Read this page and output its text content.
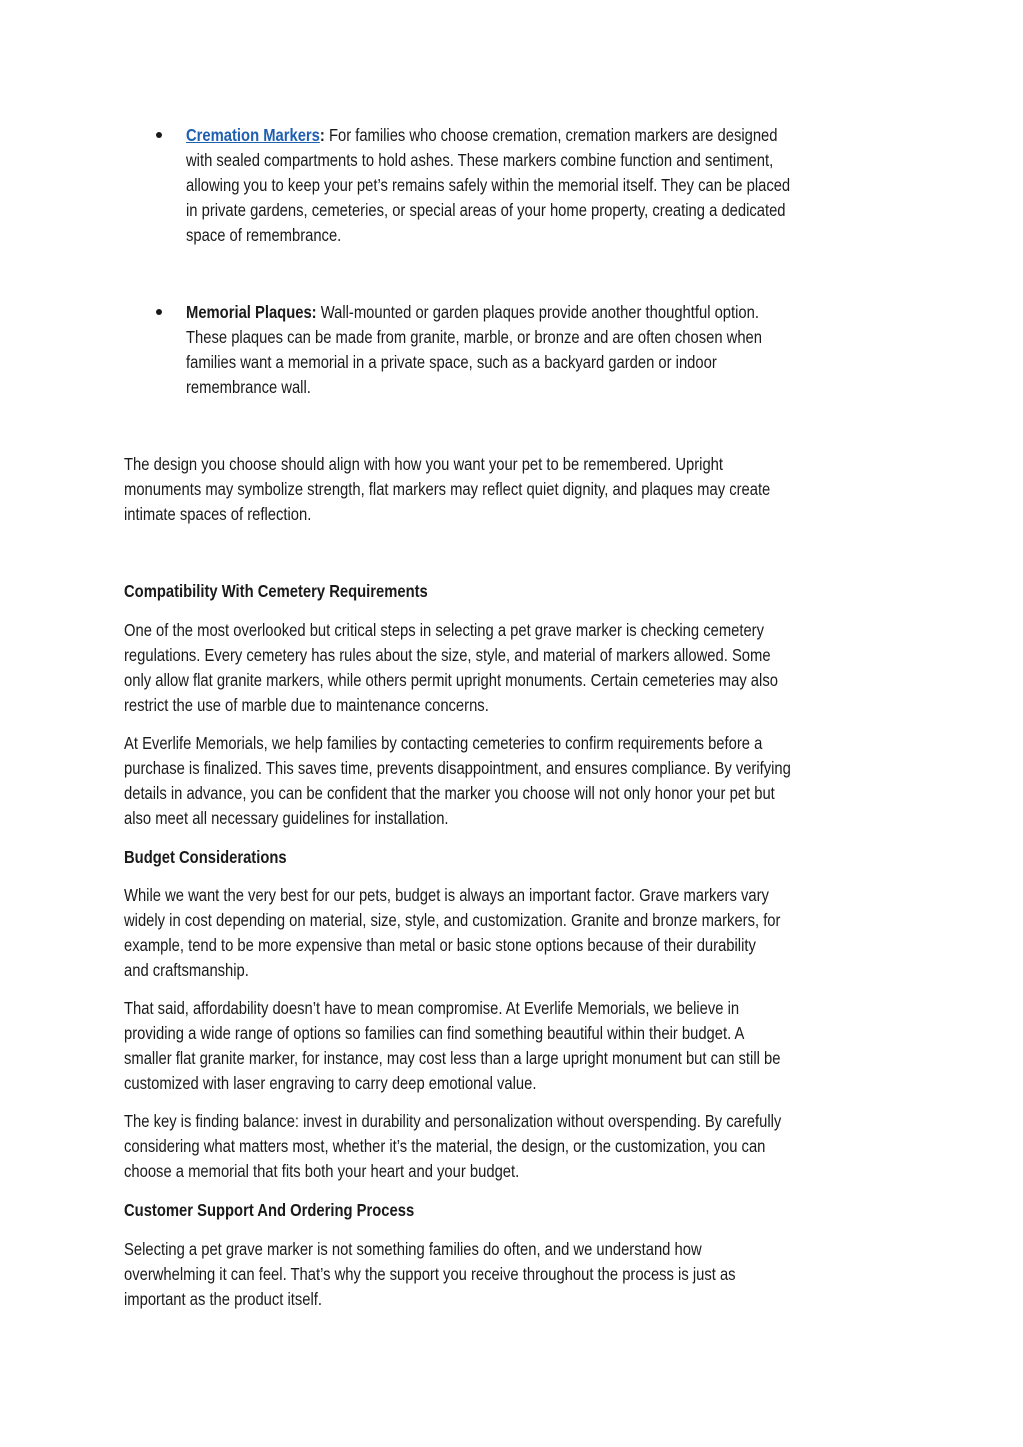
Cremation Markers: For families who choose cremation, cremation markers are designed
with sealed compartments to hold ashes. These markers combine function and sentiment,
allowing you to keep your pet’s remains safely within the memorial itself. They can be placed
in private gardens, cemeteries, or special areas of your home property, creating a dedicated
space of remembrance.
Memorial Plaques: Wall-mounted or garden plaques provide another thoughtful option.
These plaques can be made from granite, marble, or bronze and are often chosen when
families want a memorial in a private space, such as a backyard garden or indoor
remembrance wall.
The design you choose should align with how you want your pet to be remembered. Upright
monuments may symbolize strength, flat markers may reflect quiet dignity, and plaques may create
intimate spaces of reflection.
Compatibility With Cemetery Requirements
One of the most overlooked but critical steps in selecting a pet grave marker is checking cemetery
regulations. Every cemetery has rules about the size, style, and material of markers allowed. Some
only allow flat granite markers, while others permit upright monuments. Certain cemeteries may also
restrict the use of marble due to maintenance concerns.
At Everlife Memorials, we help families by contacting cemeteries to confirm requirements before a
purchase is finalized. This saves time, prevents disappointment, and ensures compliance. By verifying
details in advance, you can be confident that the marker you choose will not only honor your pet but
also meet all necessary guidelines for installation.
Budget Considerations
While we want the very best for our pets, budget is always an important factor. Grave markers vary
widely in cost depending on material, size, style, and customization. Granite and bronze markers, for
example, tend to be more expensive than metal or basic stone options because of their durability
and craftsmanship.
That said, affordability doesn’t have to mean compromise. At Everlife Memorials, we believe in
providing a wide range of options so families can find something beautiful within their budget. A
smaller flat granite marker, for instance, may cost less than a large upright monument but can still be
customized with laser engraving to carry deep emotional value.
The key is finding balance: invest in durability and personalization without overspending. By carefully
considering what matters most, whether it’s the material, the design, or the customization, you can
choose a memorial that fits both your heart and your budget.
Customer Support And Ordering Process
Selecting a pet grave marker is not something families do often, and we understand how
overwhelming it can feel. That’s why the support you receive throughout the process is just as
important as the product itself.
